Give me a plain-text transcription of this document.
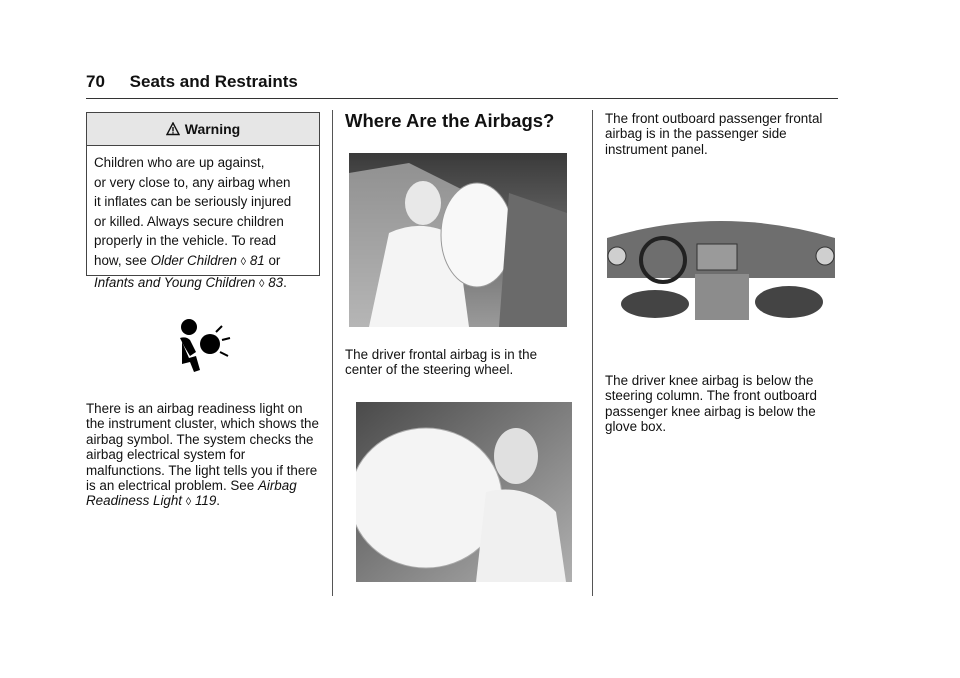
70 Seats and Restraints
Warning
Children who are up against,
or very close to, any airbag when
it inflates can be seriously injured
or killed. Always secure children
properly in the vehicle. To read
how, see Older Children ◊ 81 or
Infants and Young Children ◊ 83.
There is an airbag readiness light on the instrument cluster, which shows the airbag symbol. The system checks the airbag electrical system for malfunctions. The light tells you if there is an electrical problem. See Airbag Readiness Light ◊ 119.
Where Are the Airbags?
The driver frontal airbag is in the center of the steering wheel.
The front outboard passenger frontal airbag is in the passenger side instrument panel.
The driver knee airbag is below the steering column. The front outboard passenger knee airbag is below the glove box.
